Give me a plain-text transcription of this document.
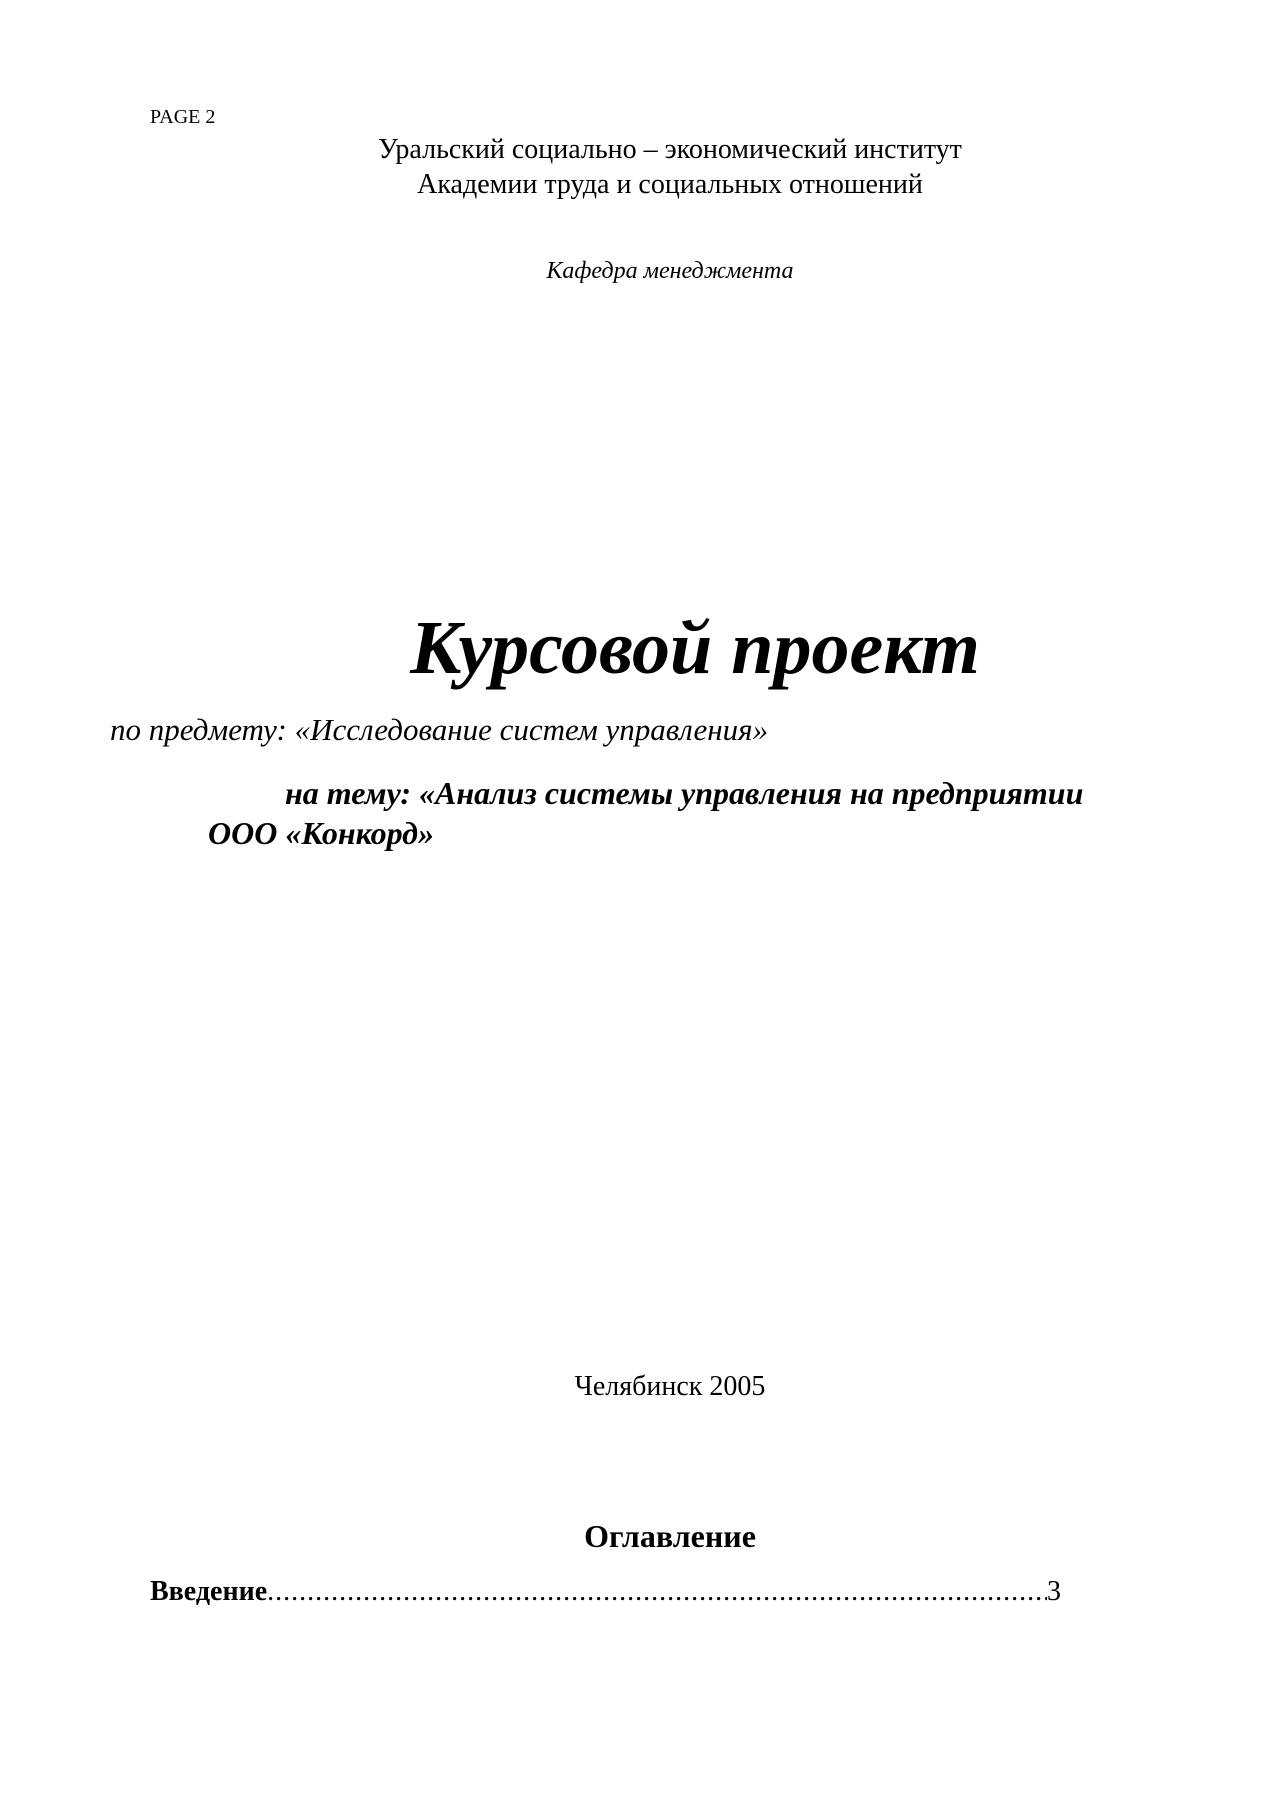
PAGE 2
Уральский социально – экономический институт
Академии труда и социальных отношений
Кафедра менеджмента
Курсовой проект
по предмету: «Исследование систем управления»
на тему: «Анализ системы управления на предприятии
ООО «Конкорд»
Челябинск 2005
Оглавление
Введение
.....	3
